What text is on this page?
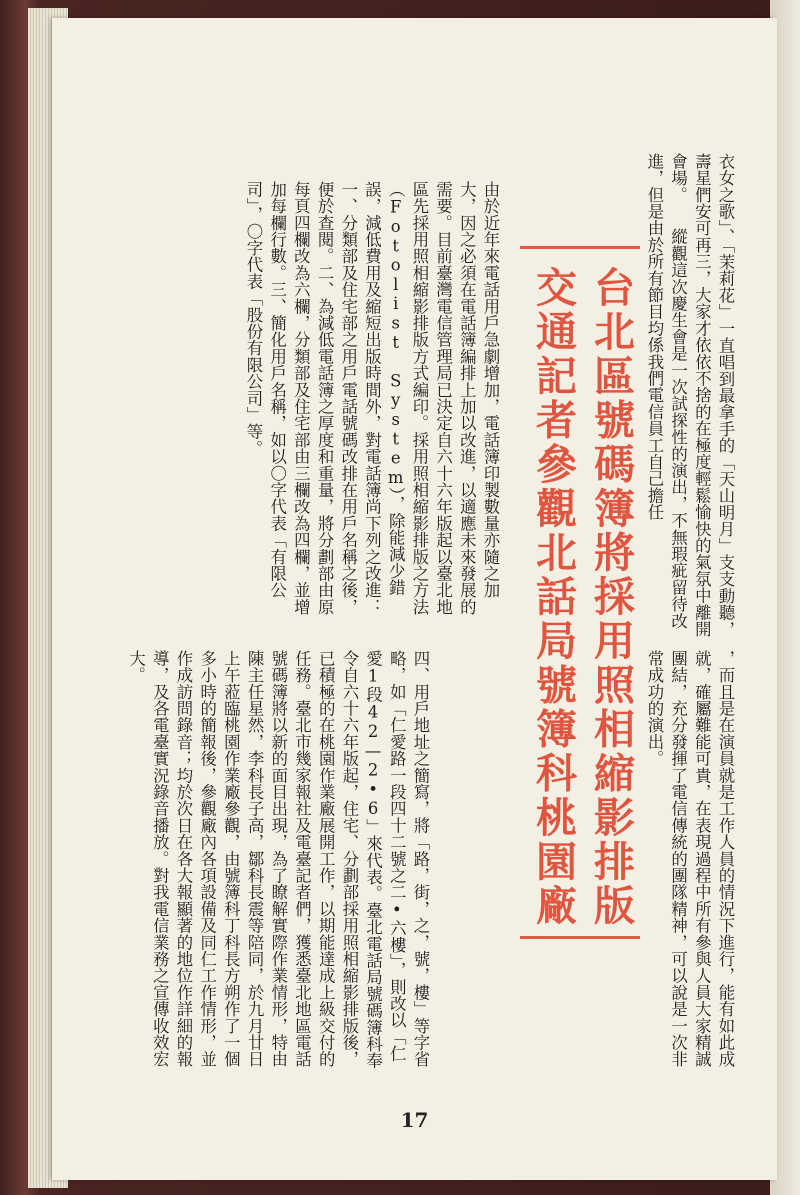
衣女之歌」、「茉莉花」一直唱到最拿手的「天山明月」支支動聽，壽星們安可再三，大家才依依不捨的在極度輕鬆愉快的氣氛中離開會場。　　縱觀這次慶生會是一次試探性的演出，不無瑕疵留待改進，但是由於所有節目均係我們電信員工自己擔任
台北區號碼簿將採用照相縮影排版交通記者參觀北話局號簿科桃園廠
由於近年來電話用戶急劇增加，電話簿印製數量亦隨之加大，因之必須在電話簿編排上加以改進，以適應未來發展的需要。目前臺灣電信管理局已決定自六十六年版起以臺北地區先採用照相縮影排版方式編印。採用照相縮影排版之方法（Fotolist System），除能減少錯誤，減低費用及縮短出版時間外，對電話簿尚下列之改進：一、分類部及住宅部之用戶電話號碼改排在用戶名稱之後，便於查閱。二、為減低電話簿之厚度和重量，將分劃部由原每頁四欄改為六欄，分類部及住宅部由三欄改為四欄，並增加每欄行數。三、簡化用戶名稱，如以〇字代表「有限公司」，〇字代表「股份有限公司」等。
，而且是在演員就是工作人員的情況下進行，能有如此成就，確屬難能可貴，在表現過程中所有參與人員大家精誠團結，充分發揮了電信傳統的團隊精神，可以說是一次非常成功的演出。
四、用戶地址之簡寫，將「路，街，之，號，樓」等字省略，如「仁愛路一段四十二號之二•六樓」，則改以「仁愛1段42—2•6」來代表。臺北電話局號碼簿科奉令自六十六年版起，住宅、分劃部採用照相縮影排版後，已積極的在桃園作業廠展開工作，以期能達成上級交付的任務。臺北市幾家報社及電臺記者們，獲悉臺北地區電話號碼簿將以新的面目出現，為了瞭解實際作業情形，特由陳主任星然，李科長子高，鄒科長震等陪同，於九月廿日上午蒞臨桃園作業廠參觀，由號簿科丁科長方朔作了一個多小時的簡報後，參觀廠內各項設備及同仁工作情形，並作成訪問錄音；均於次日在各大報顯著的地位作詳細的報導，及各電臺實況錄音播放。對我電信業務之宣傳收效宏大。
17
